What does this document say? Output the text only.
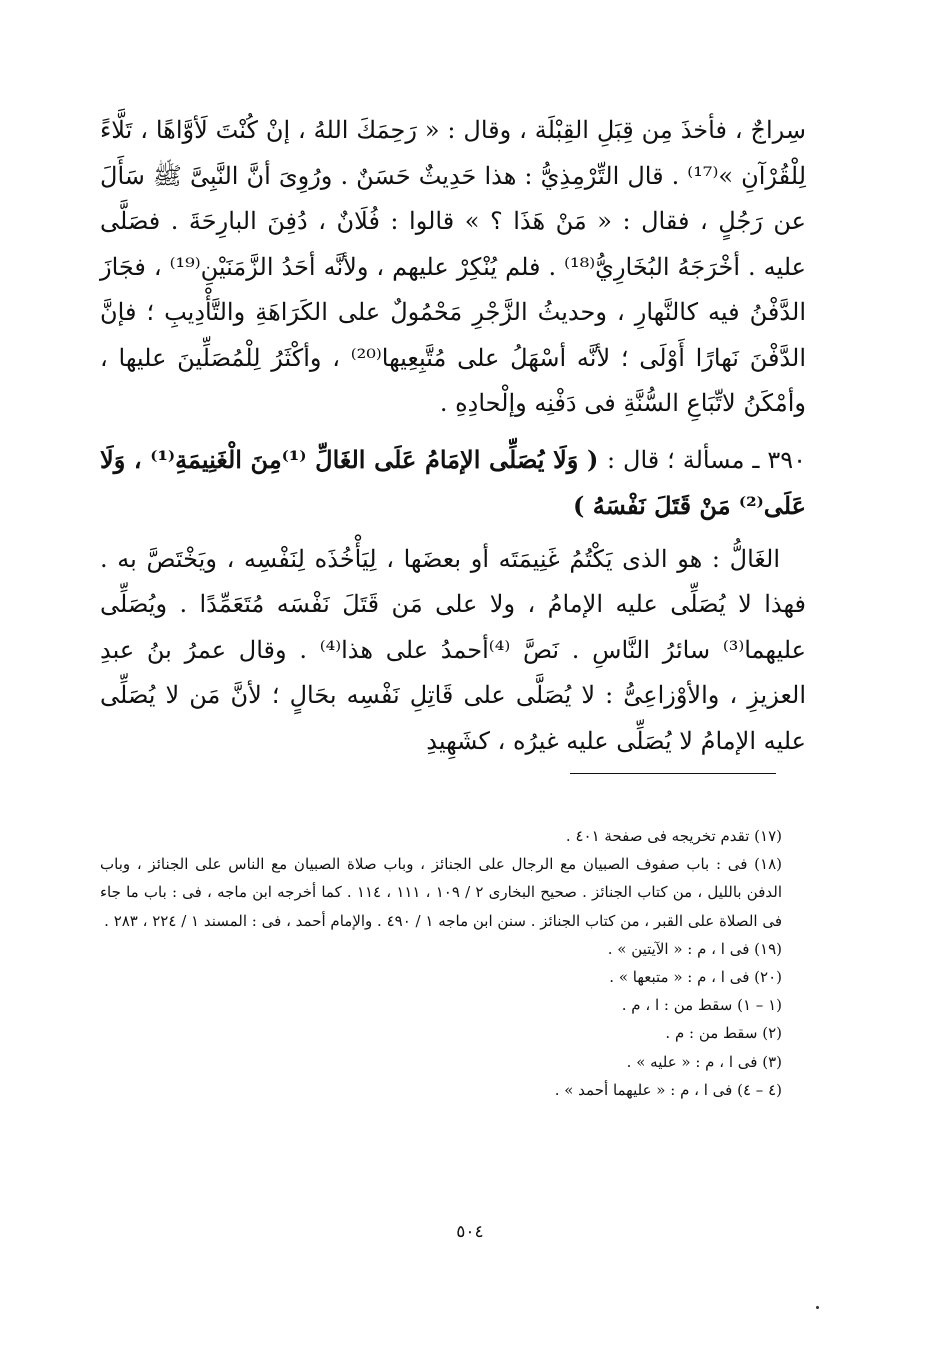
سِراجٌ ، فأخذَ مِن قِبَلِ القِبْلَة ، وقال : « رَحِمَكَ اللهُ ، إنْ كُنْتَ لَأوَّاهًا ، تَلَّاءً لِلْقُرْآنِ »⁽¹⁷⁾ . قال التِّرْمِذِيُّ : هذا حَدِيثٌ حَسَنٌ . ورُوِىَ أنَّ النَّبِىَّ ﷺ سَأَلَ عن رَجُلٍ ، فقال : « مَنْ هَذَا ؟ » قالوا : فُلَانٌ ، دُفِنَ البارِحَةَ . فصَلَّى عليه . أخْرَجَهُ البُخَارِيُّ⁽¹⁸⁾ . فلم يُنْكِرْ عليهم ، ولأنَّه أحَدُ الزَّمَنَيْنِ⁽¹⁹⁾ ، فجَازَ الدَّفْنُ فيه كالنَّهارِ ، وحديثُ الزَّجْرِ مَحْمُولٌ على الكَرَاهَةِ والتَّأْدِيبِ ؛ فإنَّ الدَّفْنَ نَهارًا أَوْلَى ؛ لأنَّه أسْهَلُ على مُتَّبِعِيها⁽²⁰⁾ ، وأكْثَرُ لِلْمُصَلِّينَ عليها ، وأمْكَنُ لاتِّبَاعِ السُّنَّةِ فى دَفْنِه وإلْحادِهِ .

٣٩٠ ـ مسألة ؛ قال : ( وَلَا يُصَلِّى الإمَامُ عَلَى الغَالِّ ⁽¹⁾مِنَ الْغَنِيمَةِ⁽¹⁾ ، وَلَا عَلَى⁽²⁾ مَنْ قَتَلَ نَفْسَهُ )

الغَالُّ : هو الذى يَكْتُمُ غَنِيمَتَه أو بعضَها ، لِيَأْخُذَه لِنَفْسِه ، ويَخْتَصَّ به . فهذا لا يُصَلِّى عليه الإمامُ ، ولا على مَن قَتَلَ نَفْسَه مُتَعَمِّدًا . ويُصَلِّى عليهما⁽³⁾ سائرُ النَّاسِ . نَصَّ ⁽⁴⁾أحمدُ على هذا⁽⁴⁾ . وقال عمرُ بنُ عبدِ العزيزِ ، والأوْزاعِىُّ : لا يُصَلَّى على قَاتِلِ نَفْسِه بحَالٍ ؛ لأنَّ مَن لا يُصَلِّى عليه الإمامُ لا يُصَلِّى عليه غيرُه ، كشَهِيدِ

(١٧) تقدم تخريجه فى صفحة ٤٠١ .

(١٨) فى : باب صفوف الصبيان مع الرجال على الجنائز ، وباب صلاة الصبيان مع الناس على الجنائز ، وباب الدفن بالليل ، من كتاب الجنائز . صحيح البخارى ٢ / ١٠٩ ، ١١١ ، ١١٤ . كما أخرجه ابن ماجه ، فى : باب ما جاء فى الصلاة على القبر ، من كتاب الجنائز . سنن ابن ماجه ١ / ٤٩٠ . والإمام أحمد ، فى : المسند ١ / ٢٢٤ ، ٢٨٣ .

(١٩) فى ا ، م : « الآيتين » .

(٢٠) فى ا ، م : « متبعها » .

(١ – ١) سقط من : ا ، م .

(٢) سقط من : م .

(٣) فى ا ، م : « عليه » .

(٤ – ٤) فى ا ، م : « عليهما أحمد » .

٥٠٤
